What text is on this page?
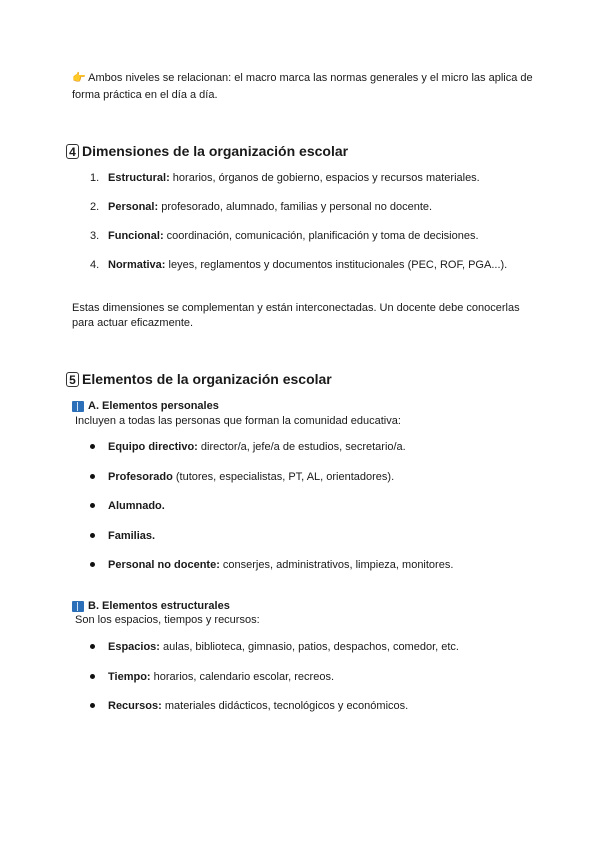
👉 Ambos niveles se relacionan: el macro marca las normas generales y el micro las aplica de forma práctica en el día a día.
4 Dimensiones de la organización escolar
1. Estructural: horarios, órganos de gobierno, espacios y recursos materiales.
2. Personal: profesorado, alumnado, familias y personal no docente.
3. Funcional: coordinación, comunicación, planificación y toma de decisiones.
4. Normativa: leyes, reglamentos y documentos institucionales (PEC, ROF, PGA...).
Estas dimensiones se complementan y están interconectadas. Un docente debe conocerlas para actuar eficazmente.
5 Elementos de la organización escolar
A. Elementos personales
Incluyen a todas las personas que forman la comunidad educativa:
Equipo directivo: director/a, jefe/a de estudios, secretario/a.
Profesorado (tutores, especialistas, PT, AL, orientadores).
Alumnado.
Familias.
Personal no docente: conserjes, administrativos, limpieza, monitores.
B. Elementos estructurales
Son los espacios, tiempos y recursos:
Espacios: aulas, biblioteca, gimnasio, patios, despachos, comedor, etc.
Tiempo: horarios, calendario escolar, recreos.
Recursos: materiales didácticos, tecnológicos y económicos.
